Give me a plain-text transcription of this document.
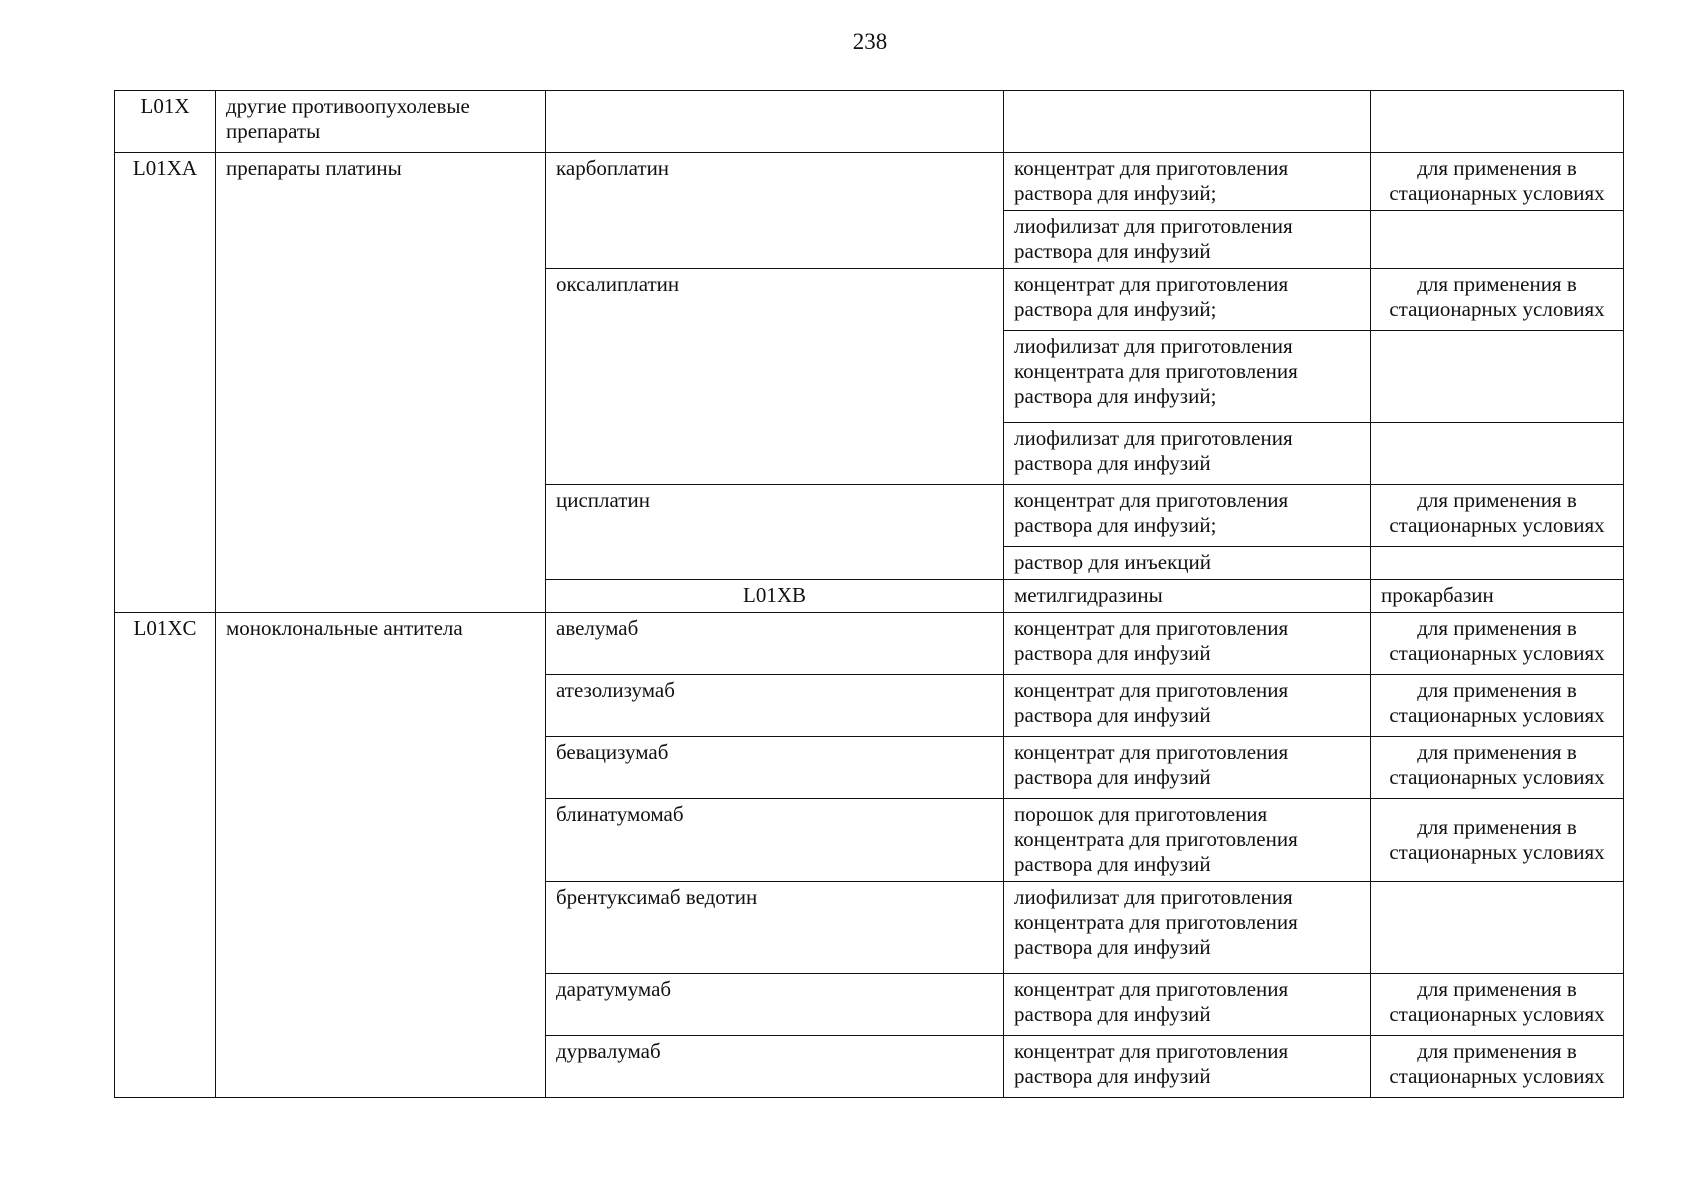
238
L01X	другие противоопухолевые препараты				
L01XA	препараты платины	карбоплатин	концентрат для приготовления раствора для инфузий;	для применения в
стационарных условиях	

			лиофилизат для приготовления раствора для инфузий		
		оксалиплатин	концентрат для приготовления раствора для инфузий;	для применения в
стационарных условиях	

			лиофилизат для приготовления концентрата для приготовления раствора для инфузий;		
			лиофилизат для приготовления раствора для инфузий		
		цисплатин	концентрат для приготовления раствора для инфузий;	для применения в
стационарных условиях	

			раствор для инъекций		
		L01XB	метилгидразины	прокарбазин		
L01XC	моноклональные антитела	авелумаб	концентрат для приготовления раствора для инфузий	для применения в
стационарных условиях	

		атезолизумаб	концентрат для приготовления раствора для инфузий	для применения в
стационарных условиях	

		бевацизумаб	концентрат для приготовления раствора для инфузий	для применения в
стационарных условиях	

		блинатумомаб	порошок для приготовления концентрата для приготовления раствора для инфузий	для применения в
стационарных условиях	

		брентуксимаб ведотин	лиофилизат для приготовления концентрата для приготовления раствора для инфузий		
		даратумумаб	концентрат для приготовления раствора для инфузий	для применения в
стационарных условиях	

		дурвалумаб	концентрат для приготовления раствора для инфузий	для применения в
стационарных условиях	
